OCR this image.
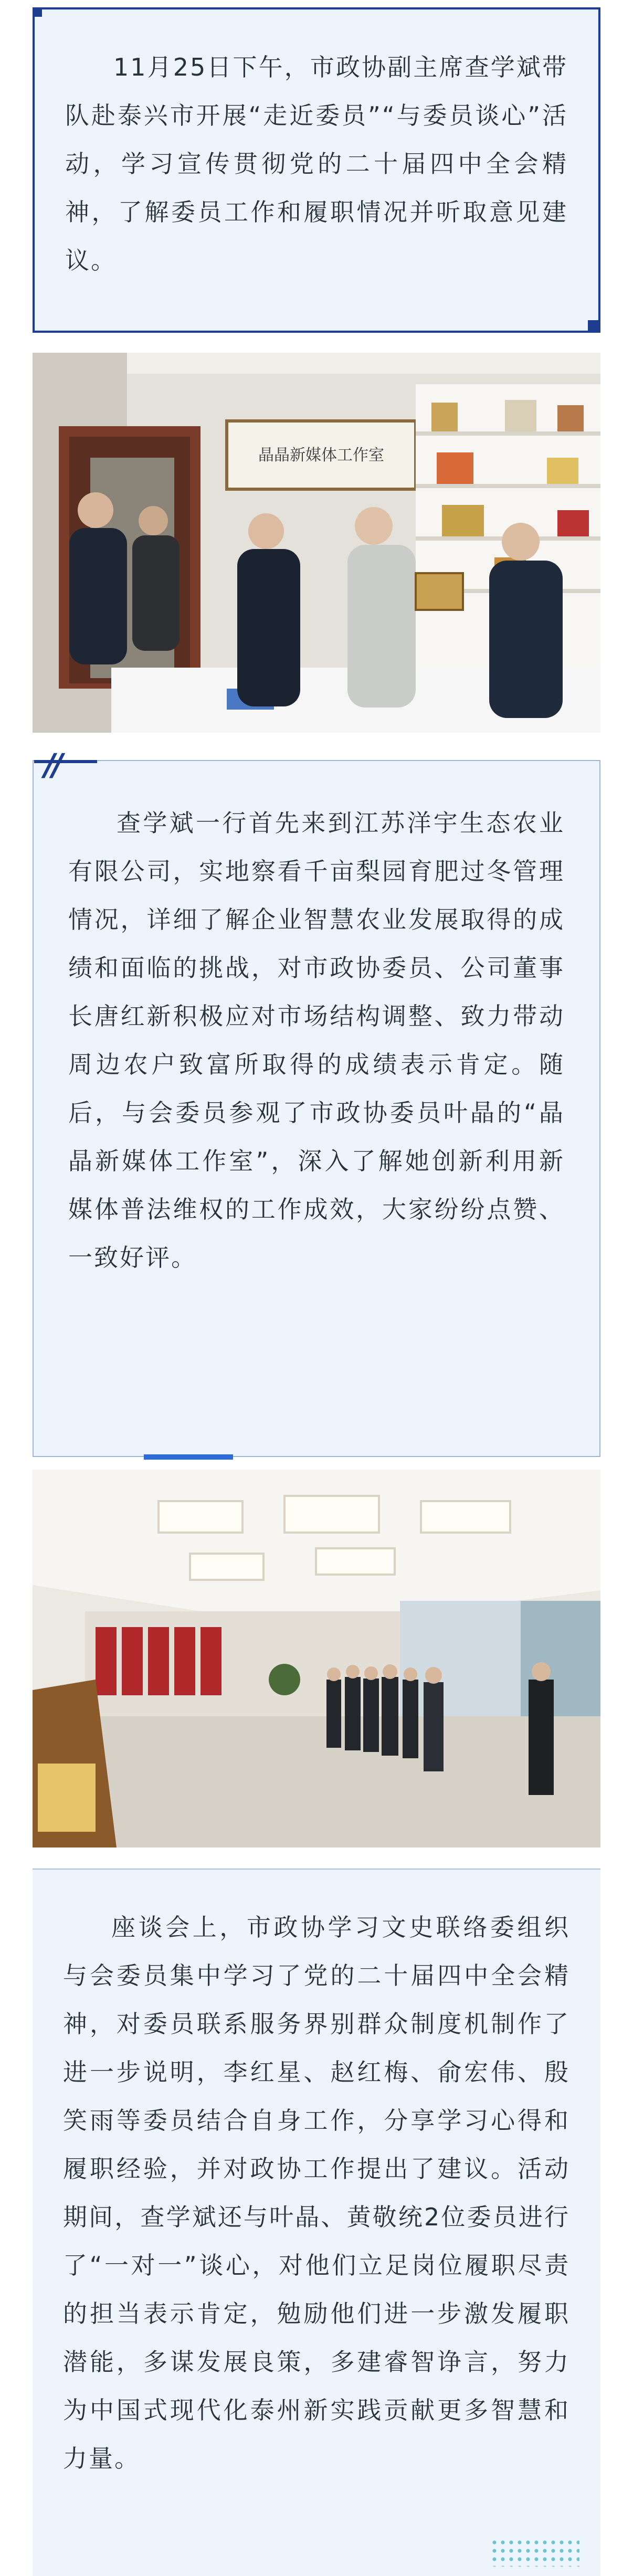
11月25日下午，市政协副主席查学斌带队赴泰兴市开展“走近委员”“与委员谈心”活动，学习宣传贯彻党的二十届四中全会精神，了解委员工作和履职情况并听取意见建议。

晶晶新媒体工作室
//

查学斌一行首先来到江苏洋宇生态农业有限公司，实地察看千亩梨园育肥过冬管理情况，详细了解企业智慧农业发展取得的成绩和面临的挑战，对市政协委员、公司董事长唐红新积极应对市场结构调整、致力带动周边农户致富所取得的成绩表示肯定。随后，与会委员参观了市政协委员叶晶的“晶晶新媒体工作室”，深入了解她创新利用新媒体普法维权的工作成效，大家纷纷点赞、一致好评。

座谈会上，市政协学习文史联络委组织与会委员集中学习了党的二十届四中全会精神，对委员联系服务界别群众制度机制作了进一步说明，李红星、赵红梅、俞宏伟、殷笑雨等委员结合自身工作，分享学习心得和履职经验，并对政协工作提出了建议。活动期间，查学斌还与叶晶、黄敬统2位委员进行了“一对一”谈心，对他们立足岗位履职尽责的担当表示肯定，勉励他们进一步激发履职潜能，多谋发展良策，多建睿智诤言，努力为中国式现代化泰州新实践贡献更多智慧和力量。
